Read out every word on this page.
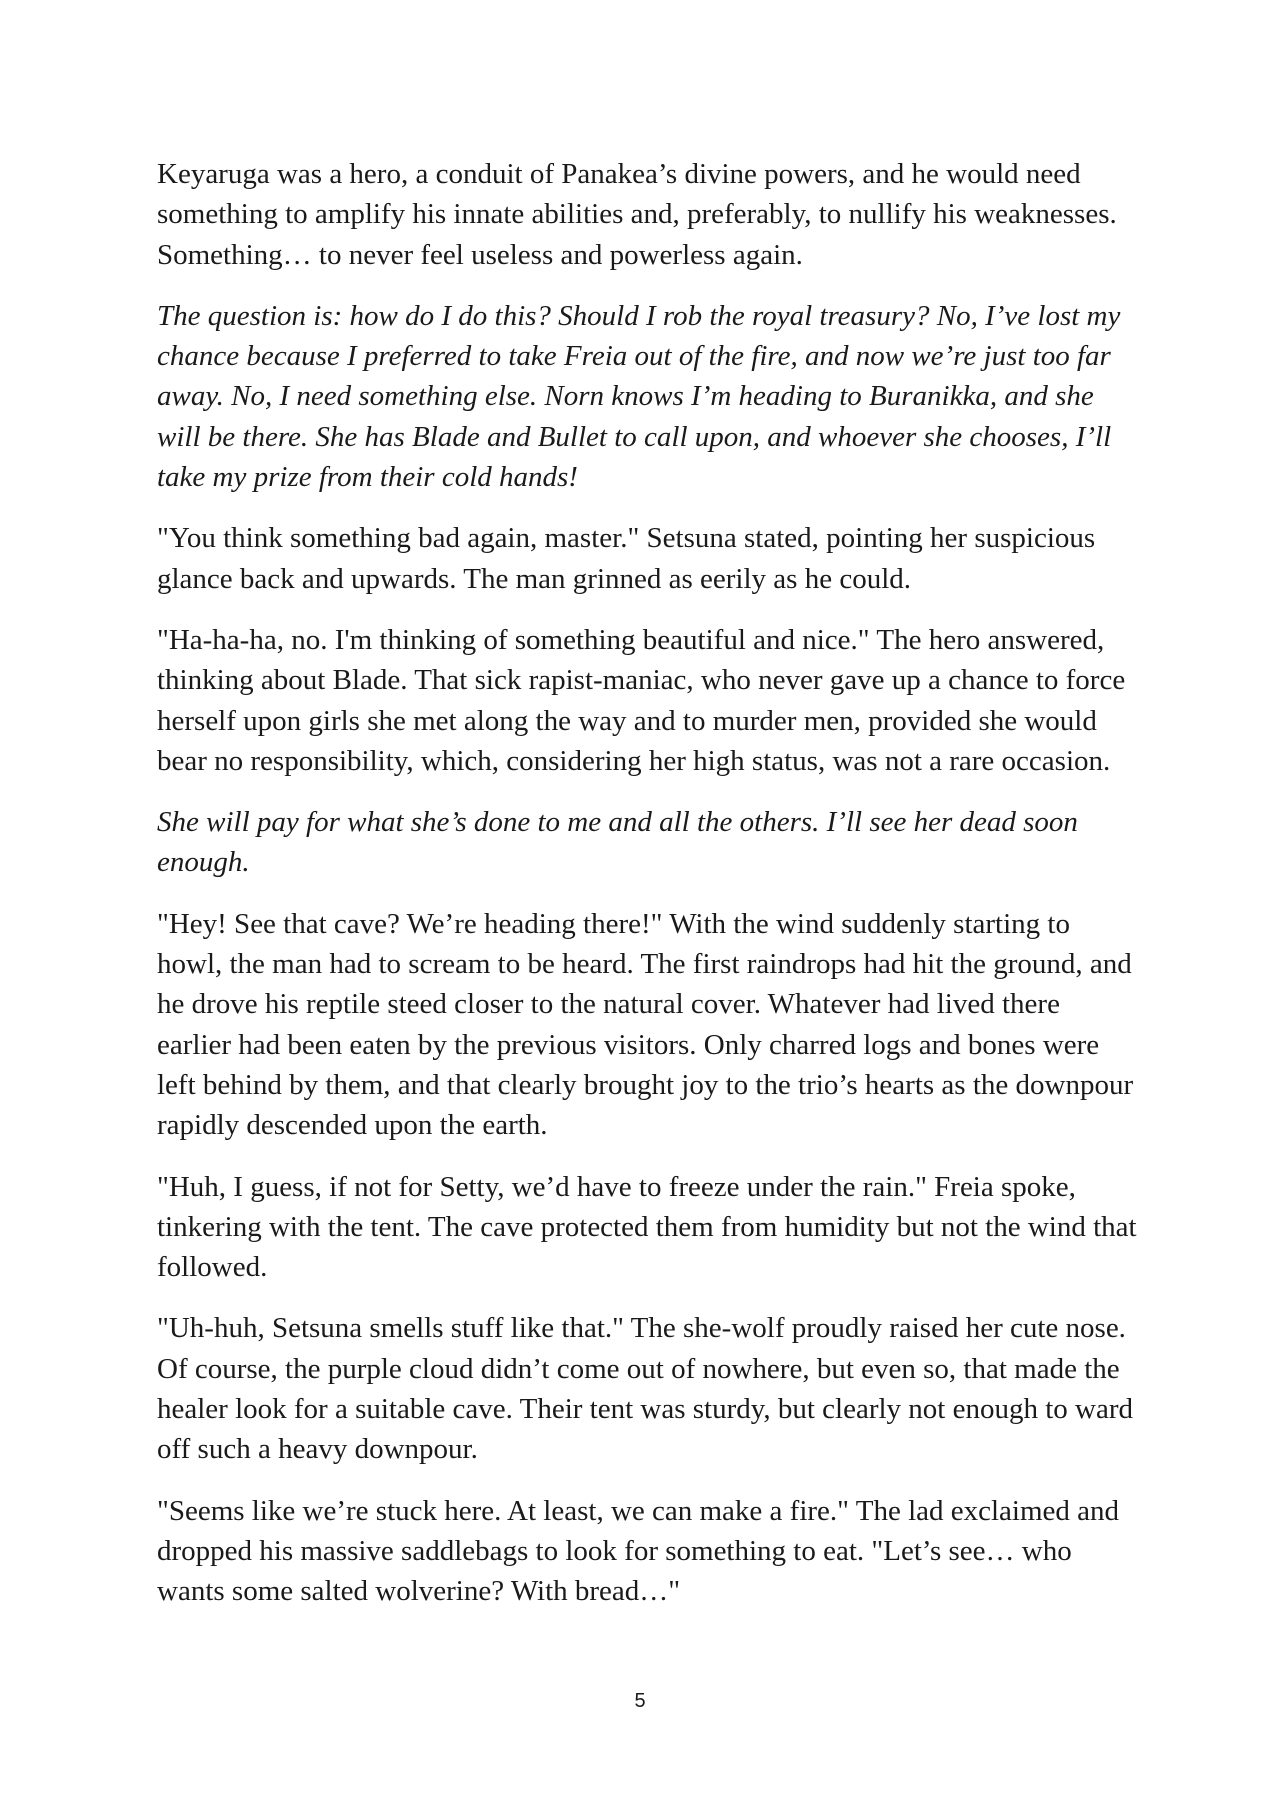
Keyaruga was a hero, a conduit of Panakea’s divine powers, and he would need something to amplify his innate abilities and, preferably, to nullify his weaknesses. Something… to never feel useless and powerless again.

The question is: how do I do this? Should I rob the royal treasury? No, I’ve lost my chance because I preferred to take Freia out of the fire, and now we’re just too far away. No, I need something else. Norn knows I’m heading to Buranikka, and she will be there. She has Blade and Bullet to call upon, and whoever she chooses, I’ll take my prize from their cold hands!

"You think something bad again, master." Setsuna stated, pointing her suspicious glance back and upwards. The man grinned as eerily as he could.

"Ha-ha-ha, no. I'm thinking of something beautiful and nice." The hero answered, thinking about Blade. That sick rapist-maniac, who never gave up a chance to force herself upon girls she met along the way and to murder men, provided she would bear no responsibility, which, considering her high status, was not a rare occasion.

She will pay for what she’s done to me and all the others. I’ll see her dead soon enough.

"Hey! See that cave? We’re heading there!" With the wind suddenly starting to howl, the man had to scream to be heard. The first raindrops had hit the ground, and he drove his reptile steed closer to the natural cover. Whatever had lived there earlier had been eaten by the previous visitors. Only charred logs and bones were left behind by them, and that clearly brought joy to the trio’s hearts as the downpour rapidly descended upon the earth.

"Huh, I guess, if not for Setty, we’d have to freeze under the rain." Freia spoke, tinkering with the tent. The cave protected them from humidity but not the wind that followed.

"Uh-huh, Setsuna smells stuff like that." The she-wolf proudly raised her cute nose. Of course, the purple cloud didn’t come out of nowhere, but even so, that made the healer look for a suitable cave. Their tent was sturdy, but clearly not enough to ward off such a heavy downpour.

"Seems like we’re stuck here. At least, we can make a fire." The lad exclaimed and dropped his massive saddlebags to look for something to eat. "Let’s see… who wants some salted wolverine? With bread…"

5
